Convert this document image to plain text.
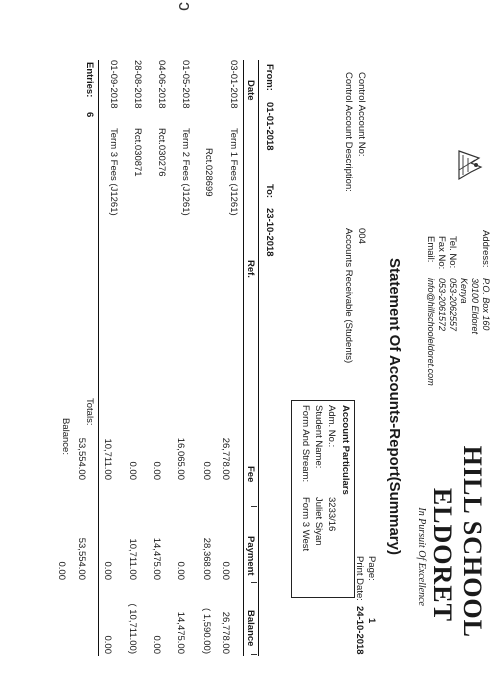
HILL SCHOOL
ELDORET
In Pursuit Of Excellence
Address:
P.O. Box 160
30100 Eldoret
Kenya
Tel. No:
053-2062557
Fax No:
053-2061572
Email:
info@hillschooleldoret.com
Statement Of Accounts-Report(Summary)
Page:
1
Print Date:
24-10-2018
Control Account No:
004
Control Account Description:
Accounts Receivable (Students)
Account Particulars
Adm. No.:
3233/16
Student Name:
Juliet Siyan
Form And Stream:
Form 3 West
From:
01-01-2018
To:
23-10-2018
Date
Ref.
Fee
Payment
Balance
03-01-2018
Term 1 Fees (J1261)
26,778.00
0.00
26,778.00
Rct.028699
0.00
28,368.00
( 1,590.00)
01-05-2018
Term 2 Fees (J1261)
16,065.00
0.00
14,475.00
04-06-2018
Rct.030276
0.00
14,475.00
0.00
28-08-2018
Rct.030871
0.00
10,711.00
( 10,711.00)
01-09-2018
Term 3 Fees (J1261)
10,711.00
0.00
0.00
Entries:
6
Totals:
53,554.00
53,554.00
Balance:
0.00
ɔ
